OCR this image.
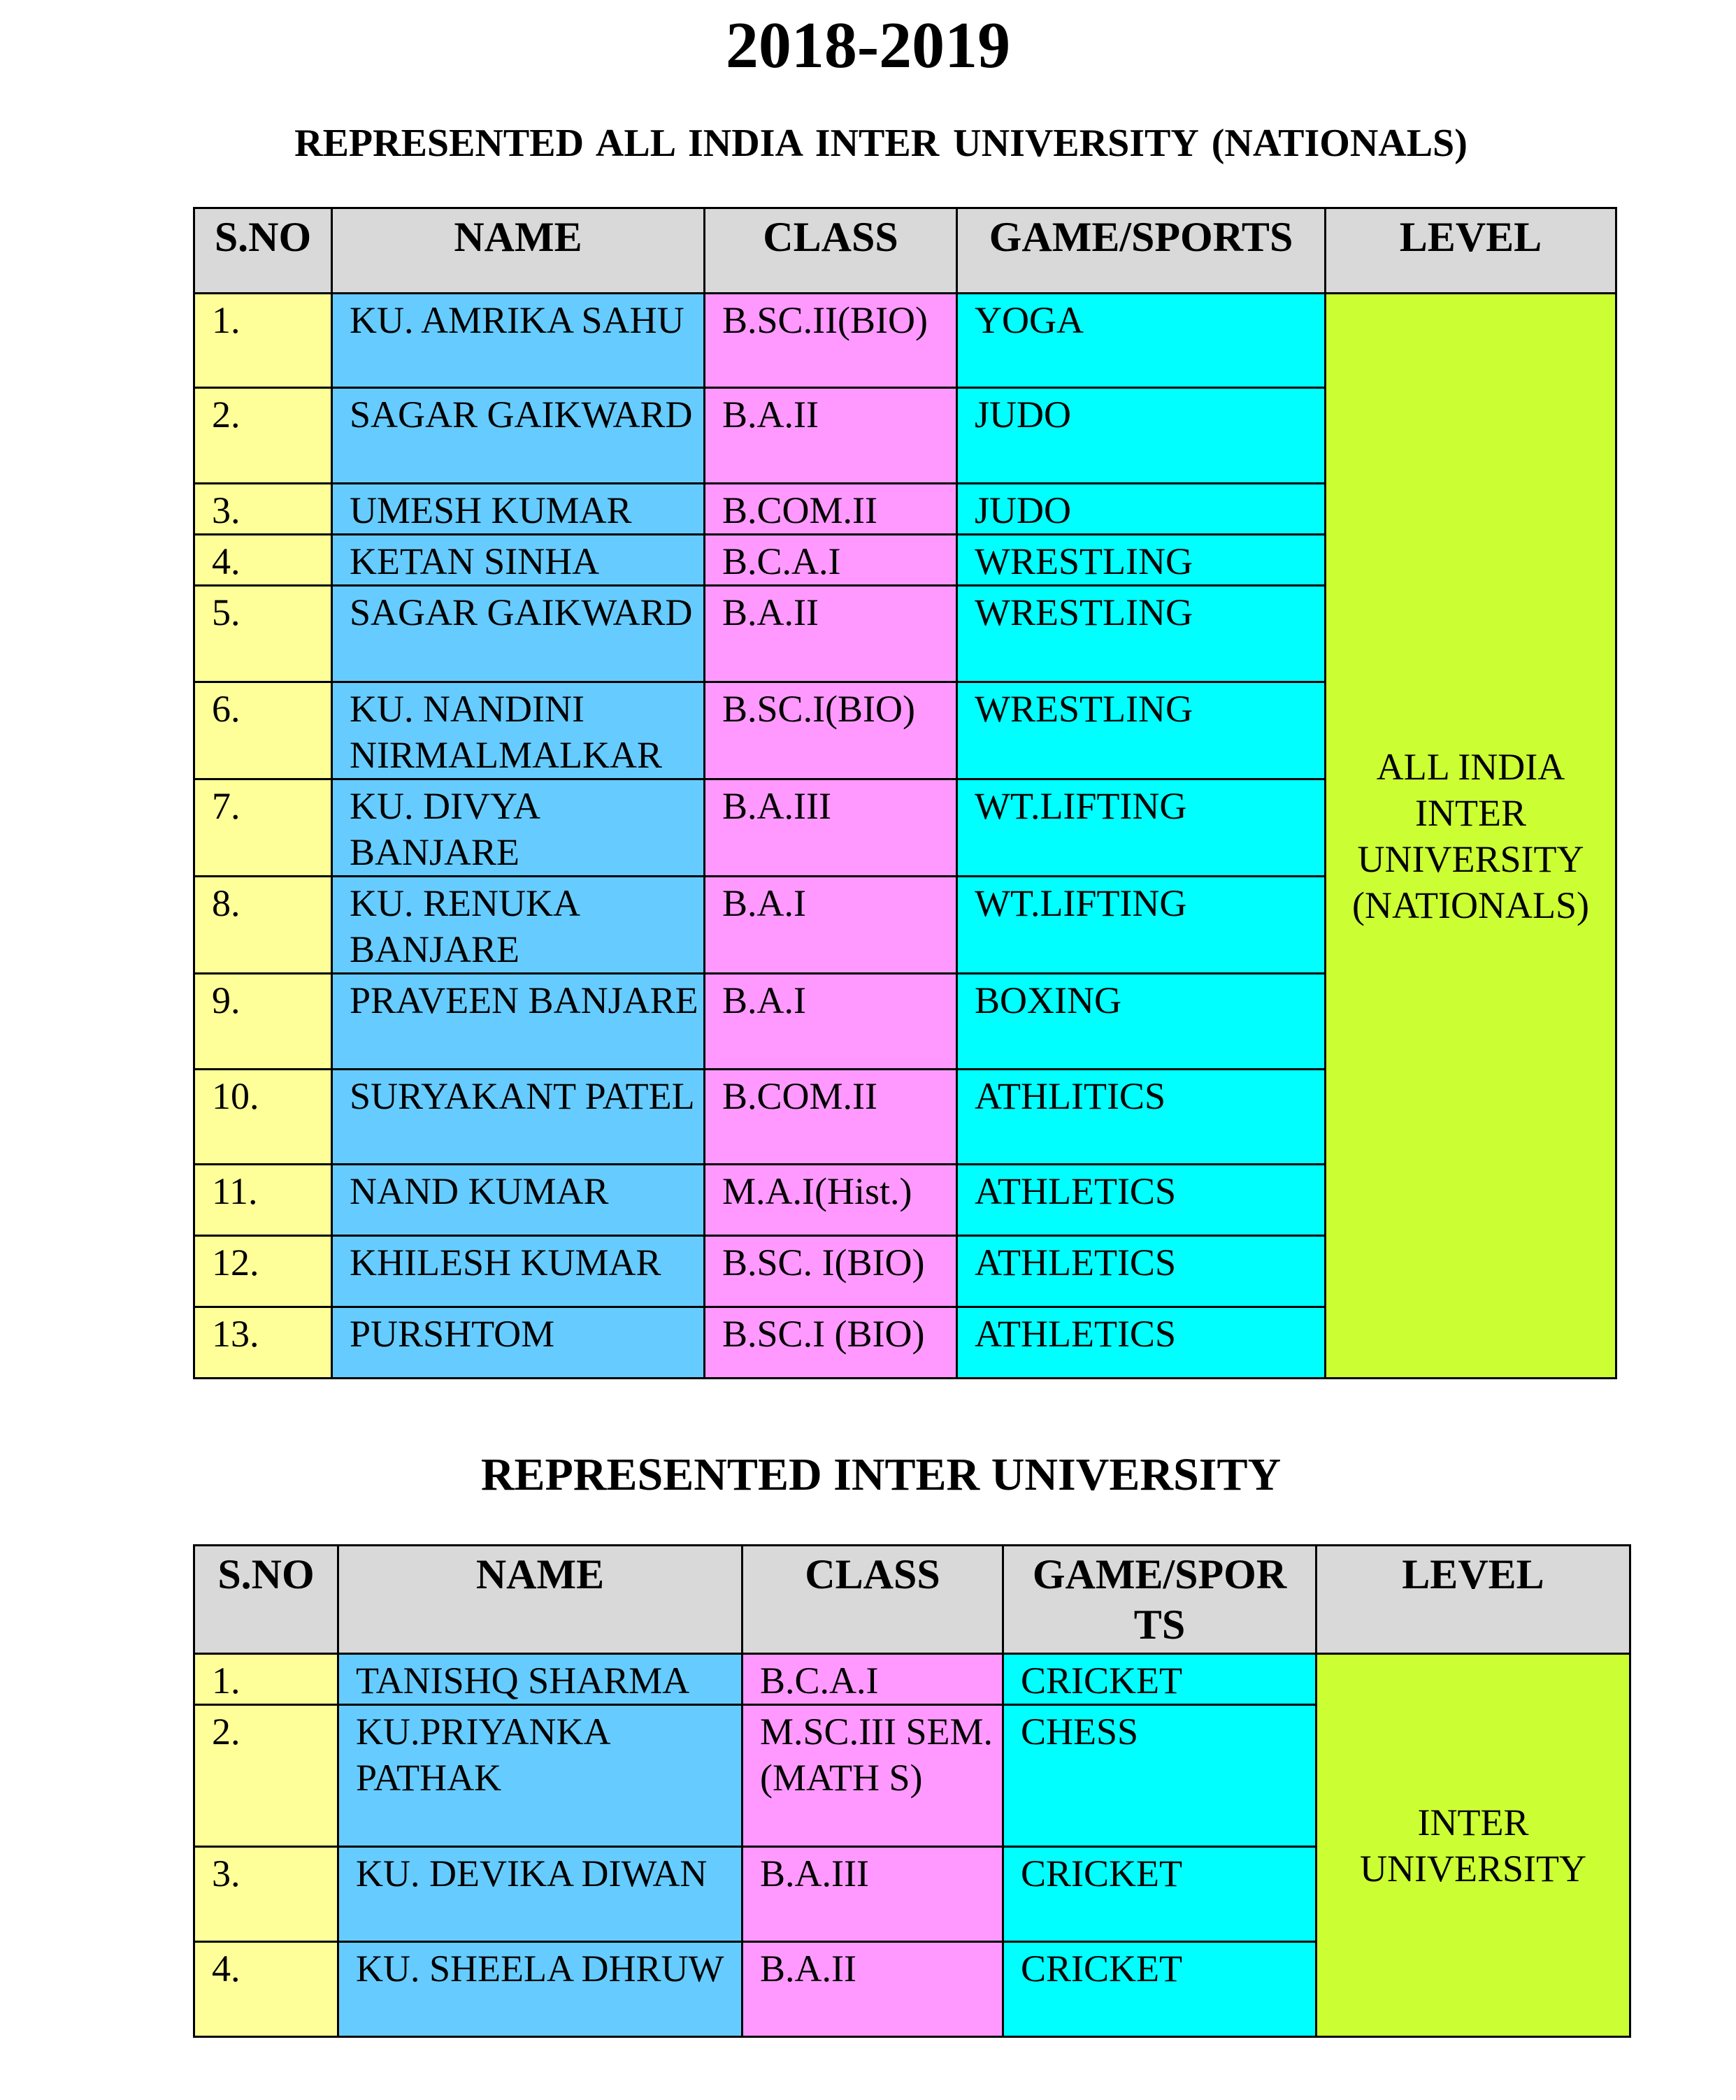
2018-2019
REPRESENTED ALL INDIA INTER UNIVERSITY (NATIONALS)
S.NO	NAME	CLASS	GAME/SPORTS	LEVEL
1.	KU. AMRIKA SAHU	B.SC.II(BIO)	YOGA	ALL INDIA INTER UNIVERSITY (NATIONALS)
2.	SAGAR GAIKWARD	B.A.II	JUDO	
3.	UMESH KUMAR	B.COM.II	JUDO	
4.	KETAN SINHA	B.C.A.I	WRESTLING	
5.	SAGAR GAIKWARD	B.A.II	WRESTLING	
6.	KU. NANDINI NIRMALMALKAR	B.SC.I(BIO)	WRESTLING	
7.	KU. DIVYA BANJARE	B.A.III	WT.LIFTING	
8.	KU. RENUKA BANJARE	B.A.I	WT.LIFTING	
9.	PRAVEEN BANJARE	B.A.I	BOXING	
10.	SURYAKANT PATEL	B.COM.II	ATHLITICS	
11.	NAND KUMAR	M.A.I(Hist.)	ATHLETICS	
12.	KHILESH KUMAR	B.SC. I(BIO)	ATHLETICS	
13.	PURSHTOM	B.SC.I (BIO)	ATHLETICS	
REPRESENTED INTER UNIVERSITY
S.NO	NAME	CLASS	GAME/SPOR TS	LEVEL
1.	TANISHQ SHARMA	B.C.A.I	CRICKET	INTER UNIVERSITY
2.	KU.PRIYANKA PATHAK	M.SC.III SEM.(MATH S)	CHESS	
3.	KU. DEVIKA DIWAN	B.A.III	CRICKET	
4.	KU. SHEELA DHRUW	B.A.II	CRICKET	
